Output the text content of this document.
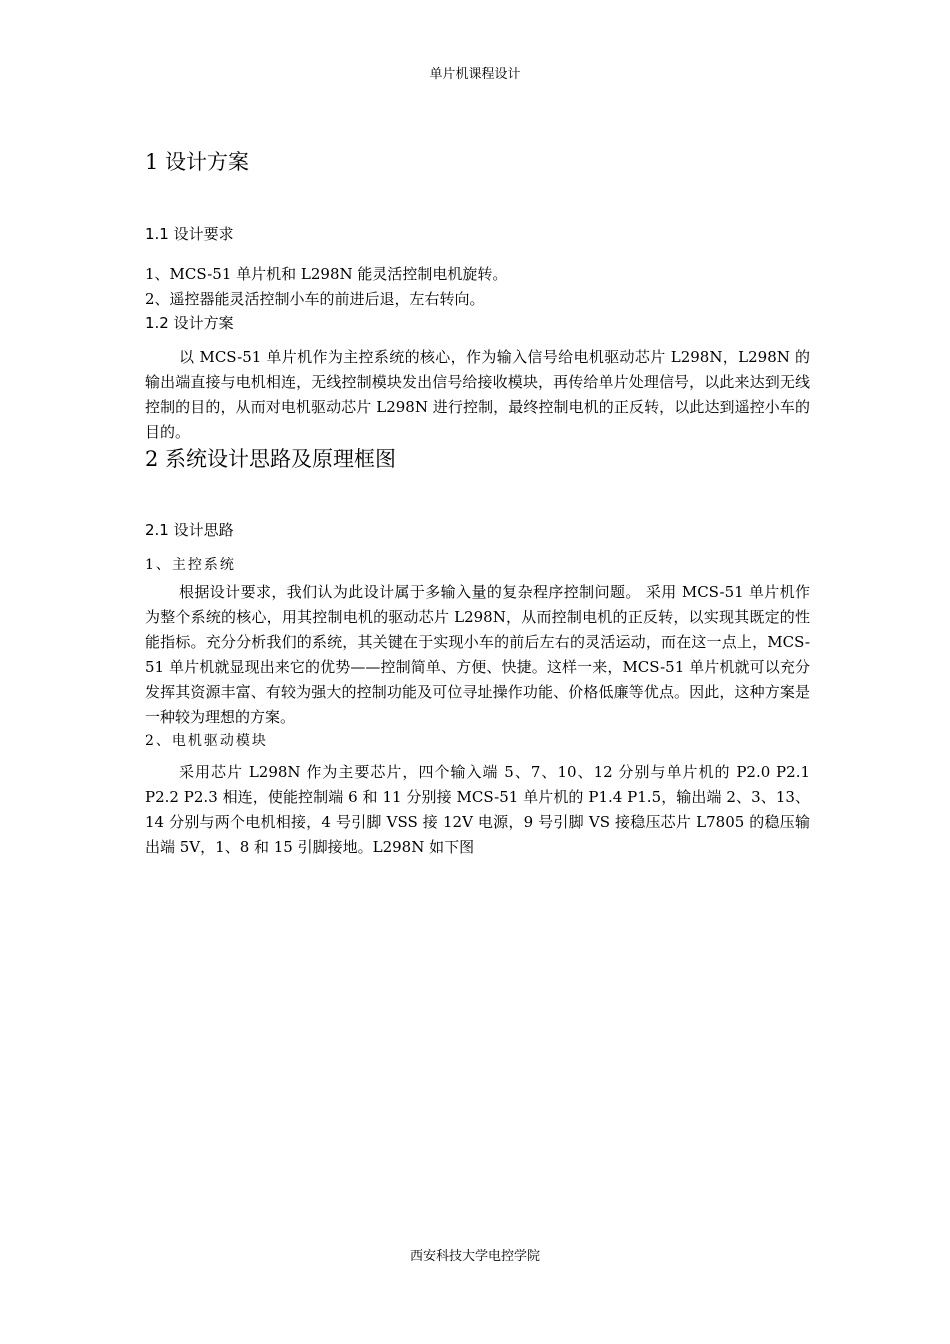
单片机课程设计
1 设计方案
1.1 设计要求

1、MCS-51 单片机和 L298N 能灵活控制电机旋转。

2、遥控器能灵活控制小车的前进后退，左右转向。

1.2 设计方案

以 MCS-51 单片机作为主控系统的核心，作为输入信号给电机驱动芯片 L298N，L298N 的输出端直接与电机相连，无线控制模块发出信号给接收模块，再传给单片处理信号，以此来达到无线控制的目的，从而对电机驱动芯片 L298N 进行控制，最终控制电机的正反转，以此达到遥控小车的目的。

2 系统设计思路及原理框图
2.1 设计思路
1、主控系统

根据设计要求，我们认为此设计属于多输入量的复杂程序控制问题。 采用 MCS-51 单片机作为整个系统的核心，用其控制电机的驱动芯片 L298N，从而控制电机的正反转，以实现其既定的性能指标。充分分析我们的系统，其关键在于实现小车的前后左右的灵活运动，而在这一点上，MCS-51 单片机就显现出来它的优势——控制简单、方便、快捷。这样一来，MCS-51 单片机就可以充分发挥其资源丰富、有较为强大的控制功能及可位寻址操作功能、价格低廉等优点。因此，这种方案是一种较为理想的方案。

2、电机驱动模块

采用芯片 L298N 作为主要芯片，四个输入端 5、7、10、12 分别与单片机的 P2.0 P2.1 P2.2 P2.3 相连，使能控制端 6 和 11 分别接 MCS-51 单片机的 P1.4 P1.5，输出端 2、3、13、14 分别与两个电机相接，4 号引脚 VSS 接 12V 电源，9 号引脚 VS 接稳压芯片 L7805 的稳压输出端 5V，1、8 和 15 引脚接地。L298N 如下图

西安科技大学电控学院
